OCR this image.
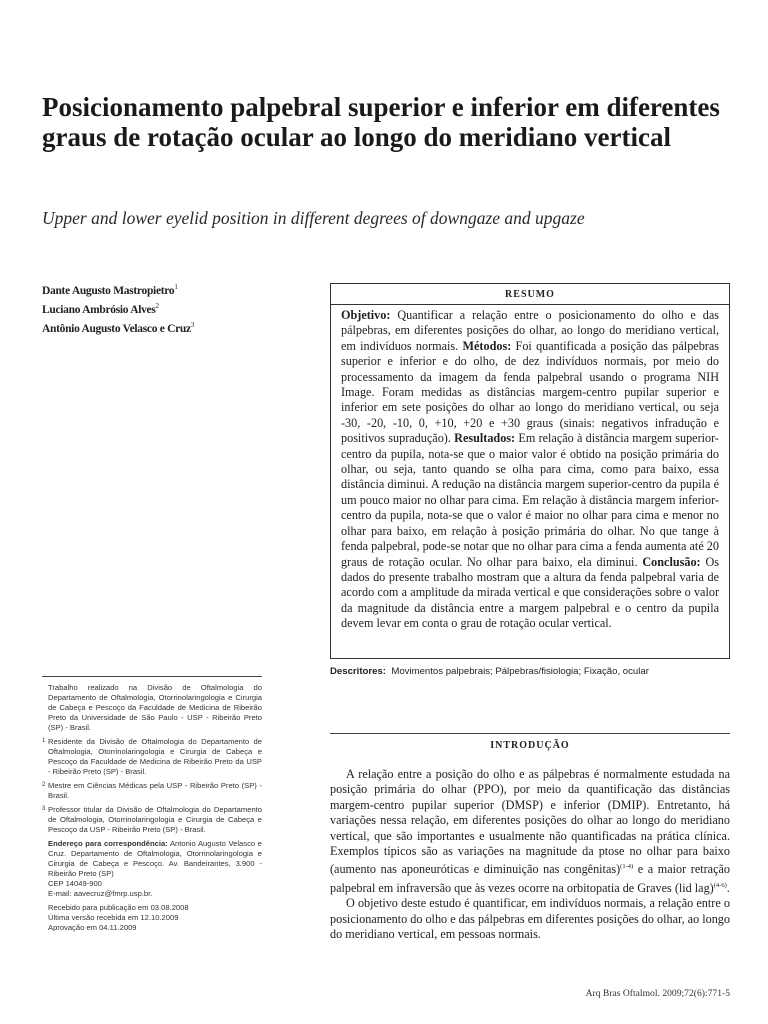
Posicionamento palpebral superior e inferior em diferentes graus de rotação ocular ao longo do meridiano vertical
Upper and lower eyelid position in different degrees of downgaze and upgaze
Dante Augusto Mastropietro$^1$
Luciano Ambrósio Alves$^2$
Antônio Augusto Velasco e Cruz$^3$
RESUMO
Objetivo: Quantificar a relação entre o posicionamento do olho e das pálpebras, em diferentes posições do olhar, ao longo do meridiano vertical, em indivíduos normais. Métodos: Foi quantificada a posição das pálpebras superior e inferior e do olho, de dez indivíduos normais, por meio do processamento da imagem da fenda palpebral usando o programa NIH Image. Foram medidas as distâncias margem-centro pupilar superior e inferior em sete posições do olhar ao longo do meridiano vertical, ou seja -30, -20, -10, 0, +10, +20 e +30 graus (sinais: negativos infradução e positivos supradução). Resultados: Em relação à distância margem superior-centro da pupila, nota-se que o maior valor é obtido na posição primária do olhar, ou seja, tanto quando se olha para cima, como para baixo, essa distância diminui. A redução na distância margem superior-centro da pupila é um pouco maior no olhar para cima. Em relação à distância margem inferior-centro da pupila, nota-se que o valor é maior no olhar para cima e menor no olhar para baixo, em relação à posição primária do olhar. No que tange à fenda palpebral, pode-se notar que no olhar para cima a fenda aumenta até 20 graus de rotação ocular. No olhar para baixo, ela diminui. Conclusão: Os dados do presente trabalho mostram que a altura da fenda palpebral varia de acordo com a amplitude da mirada vertical e que considerações sobre o valor da magnitude da distância entre a margem palpebral e o centro da pupila devem levar em conta o grau de rotação ocular vertical.
Descritores: Movimentos palpebrais; Pálpebras/fisiologia; Fixação, ocular

Trabalho realizado na Divisão de Oftalmologia do Departamento de Oftalmologia, Otorrinolaringologia e Cirurgia de Cabeça e Pescoço da Faculdade de Medicina de Ribeirão Preto da Universidade de São Paulo - USP - Ribeirão Preto (SP) - Brasil.

1 Residente da Divisão de Oftalmologia do Departamento de Oftalmologia, Otorrinolaringologia e Cirurgia de Cabeça e Pescoço da Faculdade de Medicina de Ribeirão Preto da USP - Ribeirão Preto (SP) - Brasil.

2 Mestre em Ciências Médicas pela USP - Ribeirão Preto (SP) - Brasil.

3 Professor titular da Divisão de Oftalmologia do Departamento de Oftalmologia, Otorrinolaringologia e Cirurgia de Cabeça e Pescoço da USP - Ribeirão Preto (SP) - Brasil.

Endereço para correspondência: Antonio Augusto Velasco e Cruz. Departamento de Oftalmologia, Otorrinolaringologia e Cirurgia de Cabeça e Pescoço. Av. Bandeirantes, 3.900 - Ribeirão Preto (SP)

CEP 14049-900

E-mail: aavecruz@fmrp.usp.br.

Recebido para publicação em 03.08.2008

Última versão recebida em 12.10.2009

Aprovação em 04.11.2009

INTRODUÇÃO

A relação entre a posição do olho e as pálpebras é normalmente estudada na posição primária do olhar (PPO), por meio da quantificação das distâncias margem-centro pupilar superior (DMSP) e inferior (DMIP). Entretanto, há variações nessa relação, em diferentes posições do olhar ao longo do meridiano vertical, que são importantes e usualmente não quantificadas na prática clínica. Exemplos típicos são as variações na magnitude da ptose no olhar para baixo (aumento nas aponeuróticas e diminuição nas congênitas)$^{(1-4)}$ e a maior retração palpebral em infraversão que às vezes ocorre na orbitopatia de Graves (lid lag)$^{(4-6)}$.

O objetivo deste estudo é quantificar, em indivíduos normais, a relação entre o posicionamento do olho e das pálpebras em diferentes posições do olhar, ao longo do meridiano vertical, em pessoas normais.

Arq Bras Oftalmol. 2009;72(6):771-5
